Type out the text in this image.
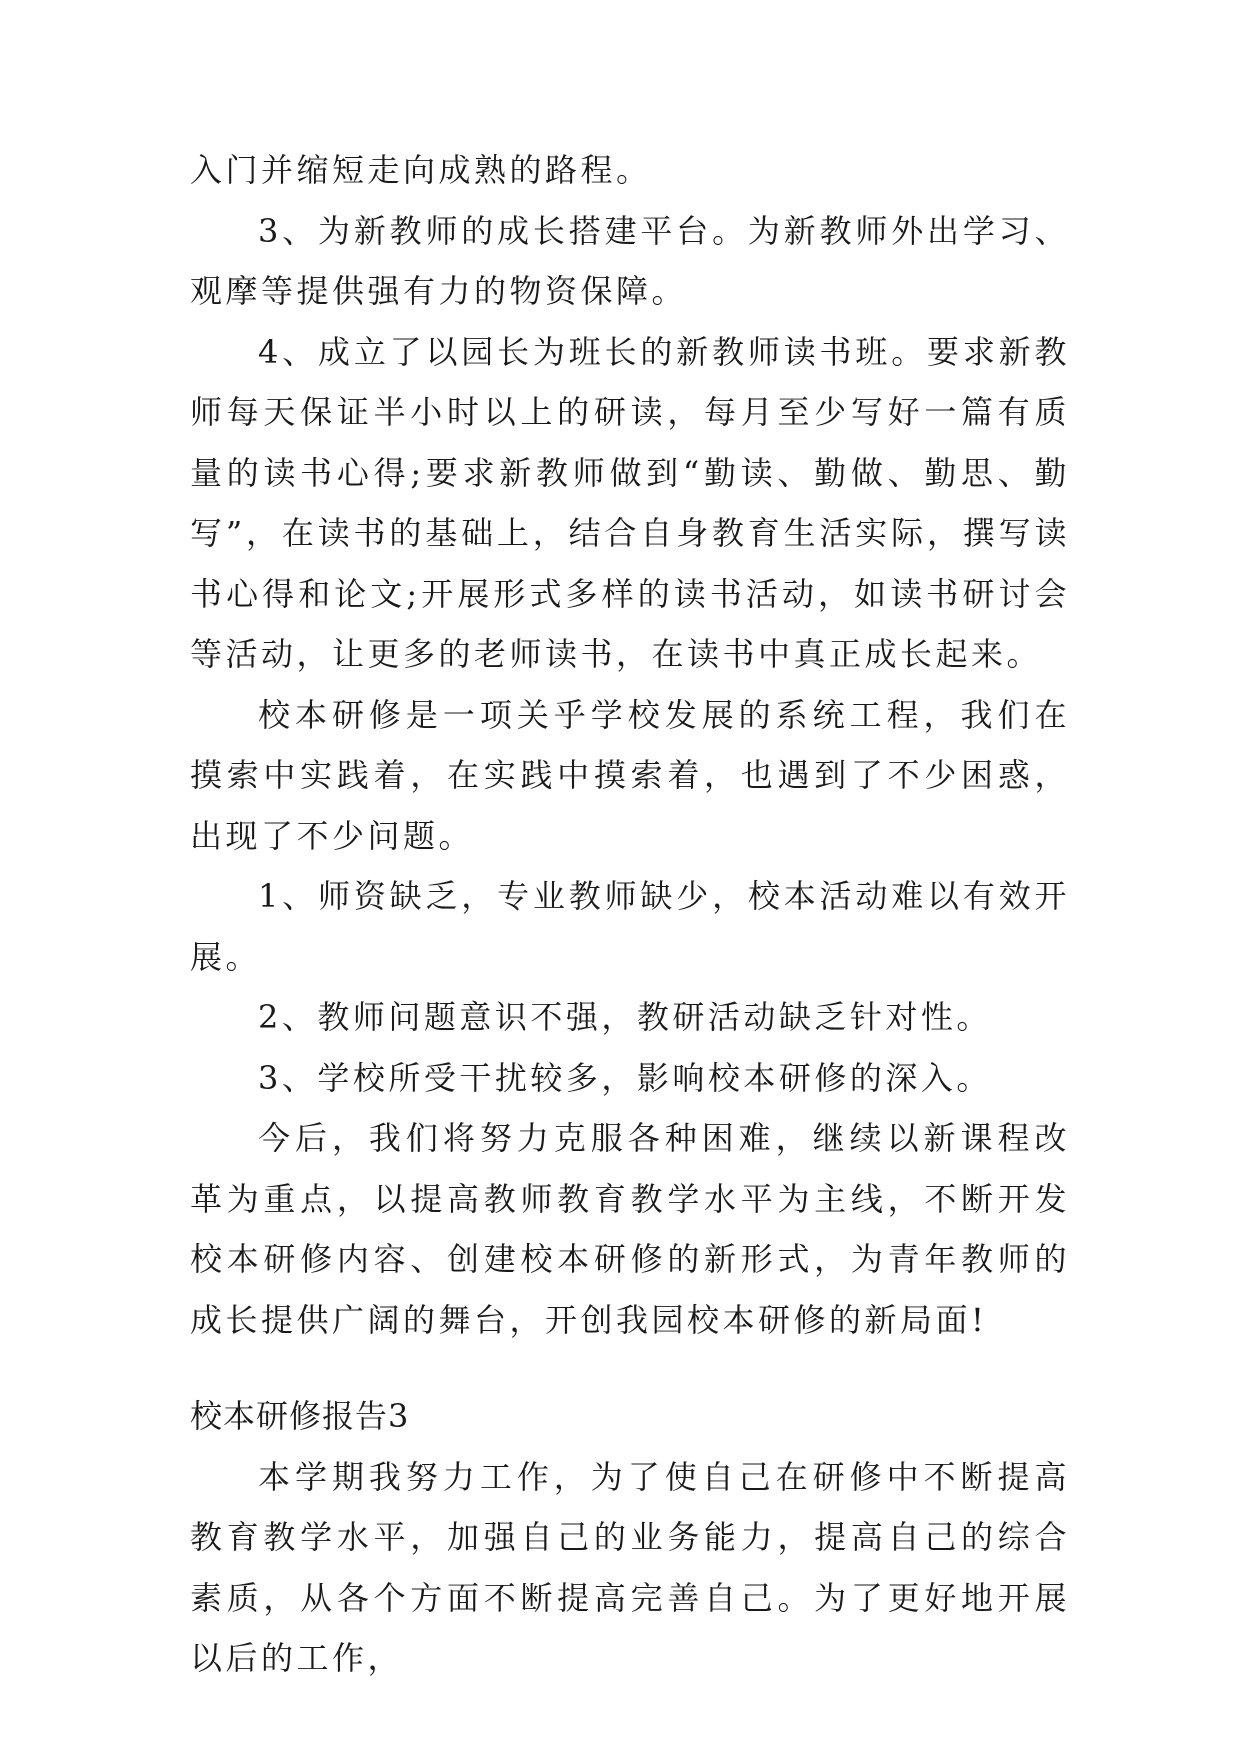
入门并缩短走向成熟的路程。

3、为新教师的成长搭建平台。为新教师外出学习、观摩等提供强有力的物资保障。

4、成立了以园长为班长的新教师读书班。要求新教师每天保证半小时以上的研读，每月至少写好一篇有质量的读书心得;要求新教师做到“勤读、勤做、勤思、勤写”，在读书的基础上，结合自身教育生活实际，撰写读书心得和论文;开展形式多样的读书活动，如读书研讨会等活动，让更多的老师读书，在读书中真正成长起来。

校本研修是一项关乎学校发展的系统工程，我们在摸索中实践着，在实践中摸索着，也遇到了不少困惑，出现了不少问题。

1、师资缺乏，专业教师缺少，校本活动难以有效开展。

2、教师问题意识不强，教研活动缺乏针对性。

3、学校所受干扰较多，影响校本研修的深入。

今后，我们将努力克服各种困难，继续以新课程改革为重点，以提高教师教育教学水平为主线，不断开发校本研修内容、创建校本研修的新形式，为青年教师的成长提供广阔的舞台，开创我园校本研修的新局面!

校本研修报告3

本学期我努力工作，为了使自己在研修中不断提高教育教学水平，加强自己的业务能力，提高自己的综合素质，从各个方面不断提高完善自己。为了更好地开展以后的工作，
